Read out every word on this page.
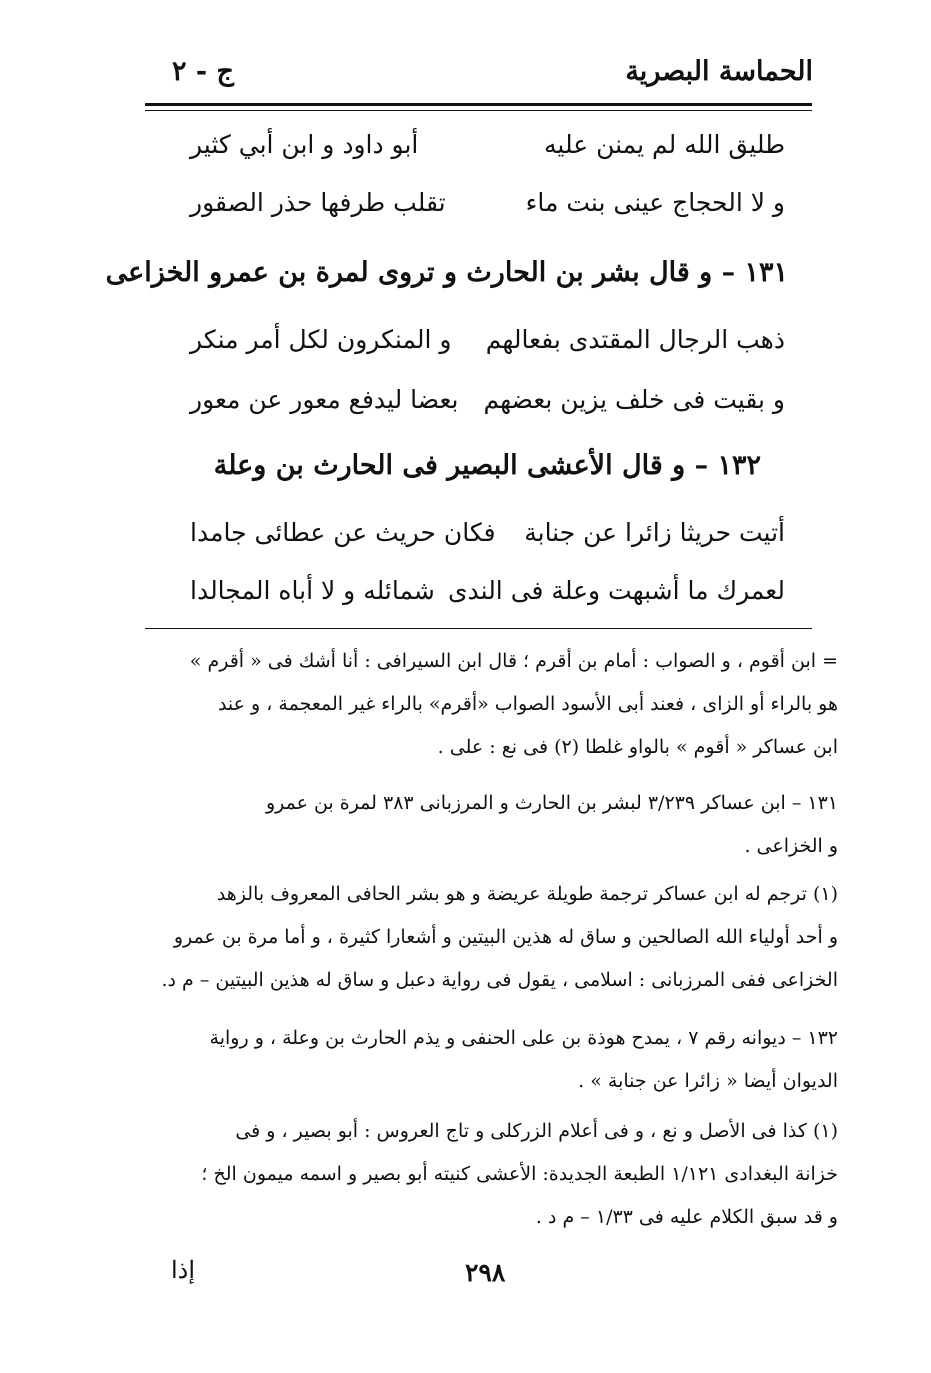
الحماسة البصرية
ج - ٢
طليق الله لم يمنن عليه
أبو داود و ابن أبي كثير
و لا الحجاج عينى بنت ماء
تقلب طرفها حذر الصقور
١٣١ – و قال بشر بن الحارث و تروى لمرة بن عمرو الخزاعى
ذهب الرجال المقتدى بفعالهم
و المنكرون لكل أمر منكر
و بقيت فى خلف يزين بعضهم
بعضا ليدفع معور عن معور
١٣٢ – و قال الأعشى البصير فى الحارث بن وعلة
أتيت حريثا زائرا عن جنابة
فكان حريث عن عطائى جامدا
لعمرك ما أشبهت وعلة فى الندى
شمائله و لا أباه المجالدا
= ابن أقوم ، و الصواب : أمام بن أقرم ؛ قال ابن السيرافى : أنا أشك فى « أقرم »
هو بالراء أو الزاى ، فعند أبى الأسود الصواب «أقرم» بالراء غير المعجمة ، و عند
ابن عساكر « أقوم » بالواو غلطا (٢) فى نع : على .
١٣١ – ابن عساكر ٣/٢٣٩ لبشر بن الحارث و المرزبانى ٣٨٣ لمرة بن عمرو
و الخزاعى .
(١) ترجم له ابن عساكر ترجمة طويلة عريضة و هو بشر الحافى المعروف بالزهد
و أحد أولياء الله الصالحين و ساق له هذين البيتين و أشعارا كثيرة ، و أما مرة بن عمرو
الخزاعى ففى المرزبانى : اسلامى ، يقول فى رواية دعبل و ساق له هذين البيتين – م د.
١٣٢ – ديوانه رقم ٧ ، يمدح هوذة بن على الحنفى و يذم الحارث بن وعلة ، و رواية
الديوان أيضا « زائرا عن جنابة » .
(١) كذا فى الأصل و نع ، و فى أعلام الزركلى و تاج العروس : أبو بصير ، و فى
خزانة البغدادى ١/١٢١ الطبعة الجديدة: الأعشى كنيته أبو بصير و اسمه ميمون الخ ؛
و قد سبق الكلام عليه فى ١/٣٣ – م د .
٢٩٨
إذا
